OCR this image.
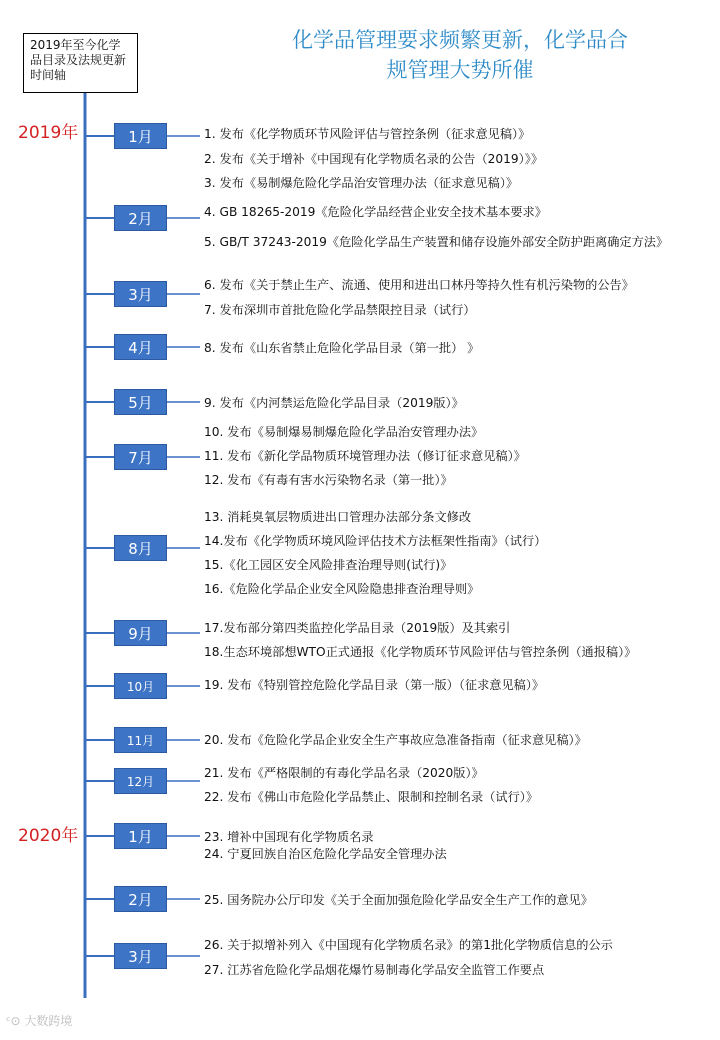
2019年至今化学
品目录及法规更新
时间轴
化学品管理要求频繁更新，化学品合
规管理大势所催
2019年
2020年
1月
2月
3月
4月
5月
7月
8月
9月
10月
11月
12月
1月
2月
3月
1. 发布《化学物质环节风险评估与管控条例（征求意见稿）》
2. 发布《关于增补《中国现有化学物质名录的公告（2019）》》
3. 发布《易制爆危险化学品治安管理办法（征求意见稿）》
4. GB 18265-2019《危险化学品经营企业安全技术基本要求》
5. GB/T 37243-2019《危险化学品生产装置和储存设施外部安全防护距离确定方法》
6. 发布《关于禁止生产、流通、使用和进出口林丹等持久性有机污染物的公告》
7. 发布深圳市首批危险化学品禁限控目录（试行）
8. 发布《山东省禁止危险化学品目录（第一批） 》
9. 发布《内河禁运危险化学品目录（2019版）》
10. 发布《易制爆易制爆危险化学品治安管理办法》
11. 发布《新化学品物质环境管理办法（修订征求意见稿）》
12. 发布《有毒有害水污染物名录（第一批）》
13. 消耗臭氧层物质进出口管理办法部分条文修改
14.发布《化学物质环境风险评估技术方法框架性指南》（试行）
15.《化工园区安全风险排查治理导则(试行)》
16.《危险化学品企业安全风险隐患排查治理导则》
17.发布部分第四类监控化学品目录（2019版）及其索引
18.生态环境部想WTO正式通报《化学物质环节风险评估与管控条例（通报稿）》
19. 发布《特别管控危险化学品目录（第一版）（征求意见稿）》
20. 发布《危险化学品企业安全生产事故应急准备指南（征求意见稿）》
21. 发布《严格限制的有毒化学品名录（2020版）》
22. 发布《佛山市危险化学品禁止、限制和控制名录（试行）》
23. 增补中国现有化学物质名录
24. 宁夏回族自治区危险化学品安全管理办法
25. 国务院办公厅印发《关于全面加强危险化学品安全生产工作的意见》
26. 关于拟增补列入《中国现有化学物质名录》的第1批化学物质信息的公示
27. 江苏省危险化学品烟花爆竹易制毒化学品安全监管工作要点
ᶜ⊙ 大数跨境
